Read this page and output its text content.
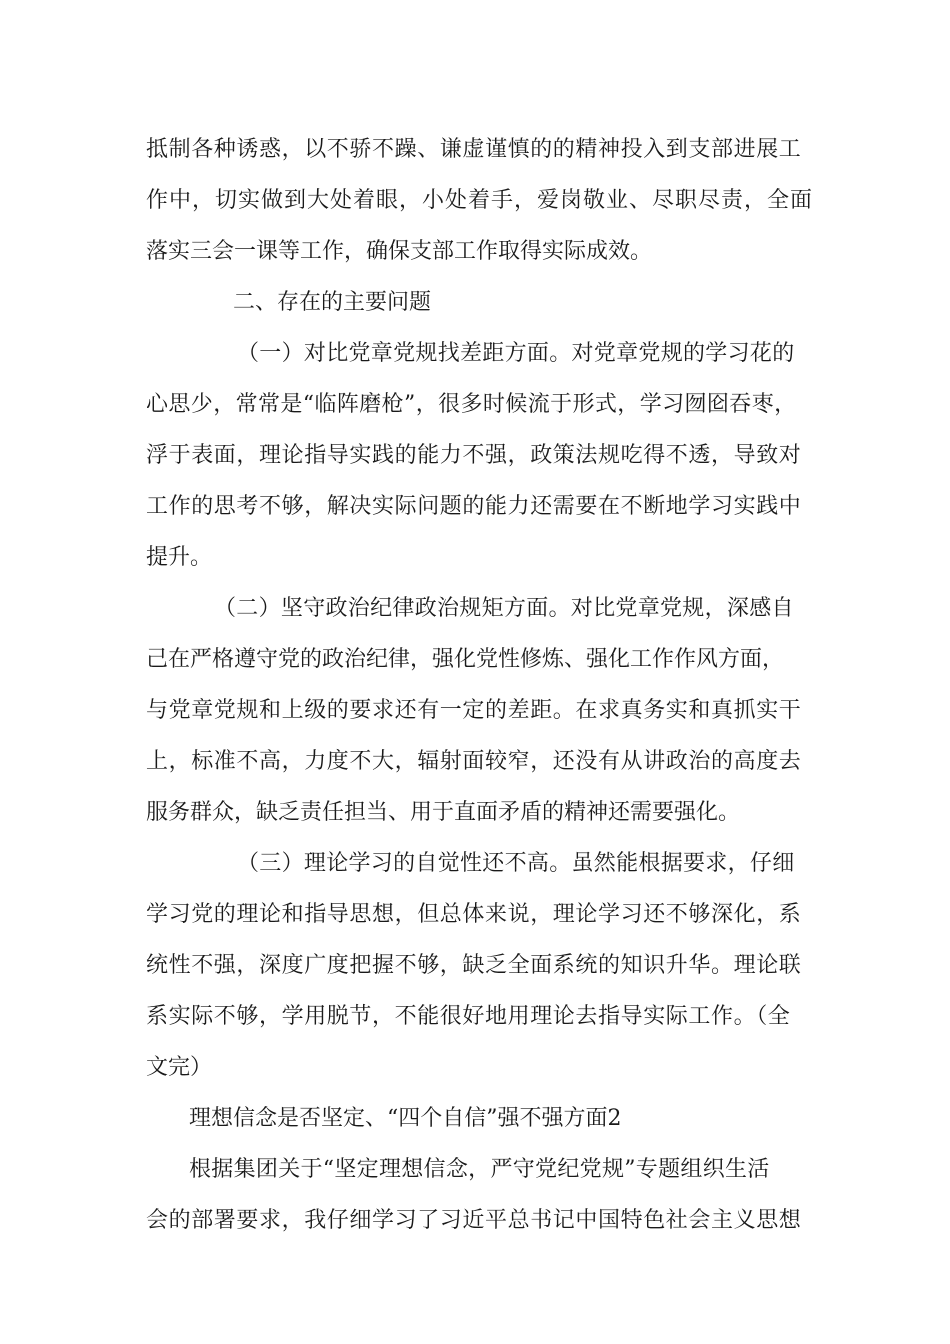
抵制各种诱惑，以不骄不躁、谦虚谨慎的的精神投入到支部进展工

作中，切实做到大处着眼，小处着手，爱岗敬业、尽职尽责，全面

落实三会一课等工作，确保支部工作取得实际成效。

二、存在的主要问题

（一）对比党章党规找差距方面。对党章党规的学习花的

心思少，常常是“临阵磨枪”，很多时候流于形式，学习囫囵吞枣，

浮于表面，理论指导实践的能力不强，政策法规吃得不透，导致对

工作的思考不够，解决实际问题的能力还需要在不断地学习实践中

提升。

（二）坚守政治纪律政治规矩方面。对比党章党规，深感自

己在严格遵守党的政治纪律，强化党性修炼、强化工作作风方面，

与党章党规和上级的要求还有一定的差距。在求真务实和真抓实干

上，标准不高，力度不大，辐射面较窄，还没有从讲政治的高度去

服务群众，缺乏责任担当、用于直面矛盾的精神还需要强化。

（三）理论学习的自觉性还不高。虽然能根据要求，仔细

学习党的理论和指导思想，但总体来说，理论学习还不够深化，系

统性不强，深度广度把握不够，缺乏全面系统的知识升华。理论联

系实际不够，学用脱节，不能很好地用理论去指导实际工作。（全

文完）

理想信念是否坚定、“四个自信”强不强方面2

根据集团关于“坚定理想信念，严守党纪党规”专题组织生活

会的部署要求，我仔细学习了习近平总书记中国特色社会主义思想
